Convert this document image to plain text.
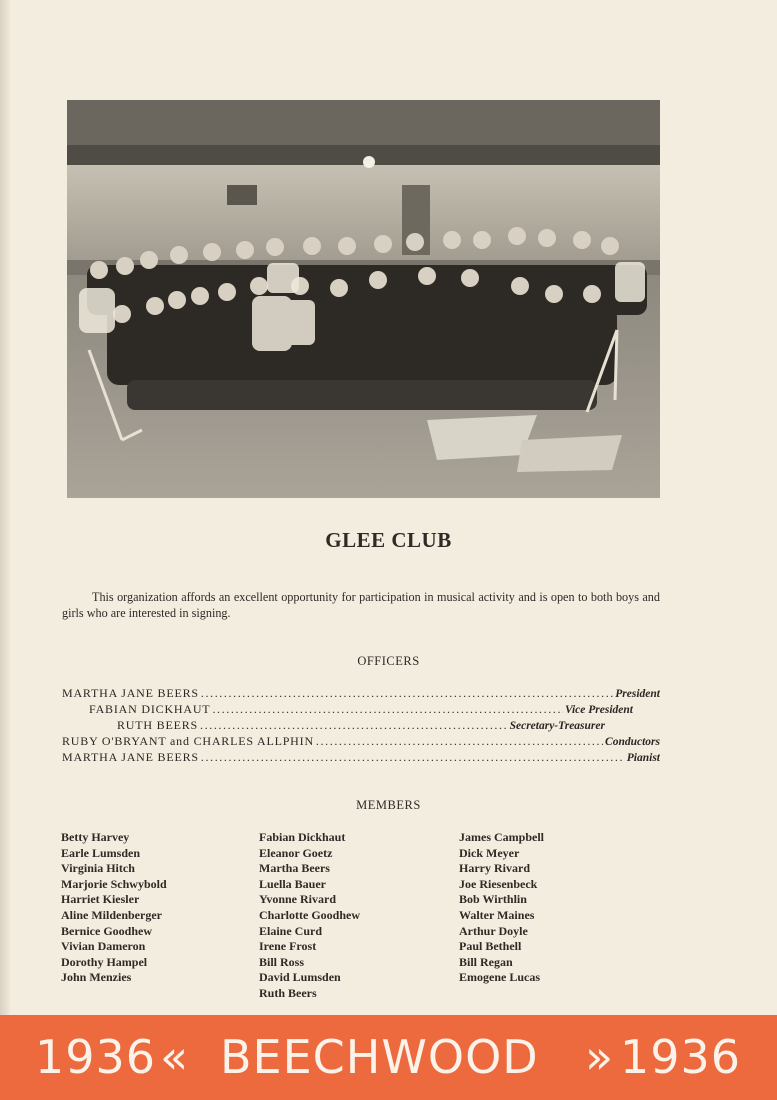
GLEE CLUB

This organization affords an excellent opportunity for participation in musical activity and is open to both boys and girls who are interested in signing.

OFFICERS
MARTHA JANE BEERS .....	President
FABIAN DICKHAUT .....	Vice President
RUTH BEERS .....	Secretary-Treasurer
RUBY O'BRYANT and CHARLES ALLPHIN .....	Conductors
MARTHA JANE BEERS .....	Pianist
MEMBERS
Betty Harvey
Earle Lumsden
Virginia Hitch
Marjorie Schwybold
Harriet Kiesler
Aline Mildenberger
Bernice Goodhew
Vivian Dameron
Dorothy Hampel
John Menzies
Fabian Dickhaut
Eleanor Goetz
Martha Beers
Luella Bauer
Yvonne Rivard
Charlotte Goodhew
Elaine Curd
Irene Frost
Bill Ross
David Lumsden
Ruth Beers
James Campbell
Dick Meyer
Harry Rivard
Joe Riesenbeck
Bob Wirthlin
Walter Maines
Arthur Doyle
Paul Bethell
Bill Regan
Emogene Lucas
1936 « BEECHWOOD » 1936
